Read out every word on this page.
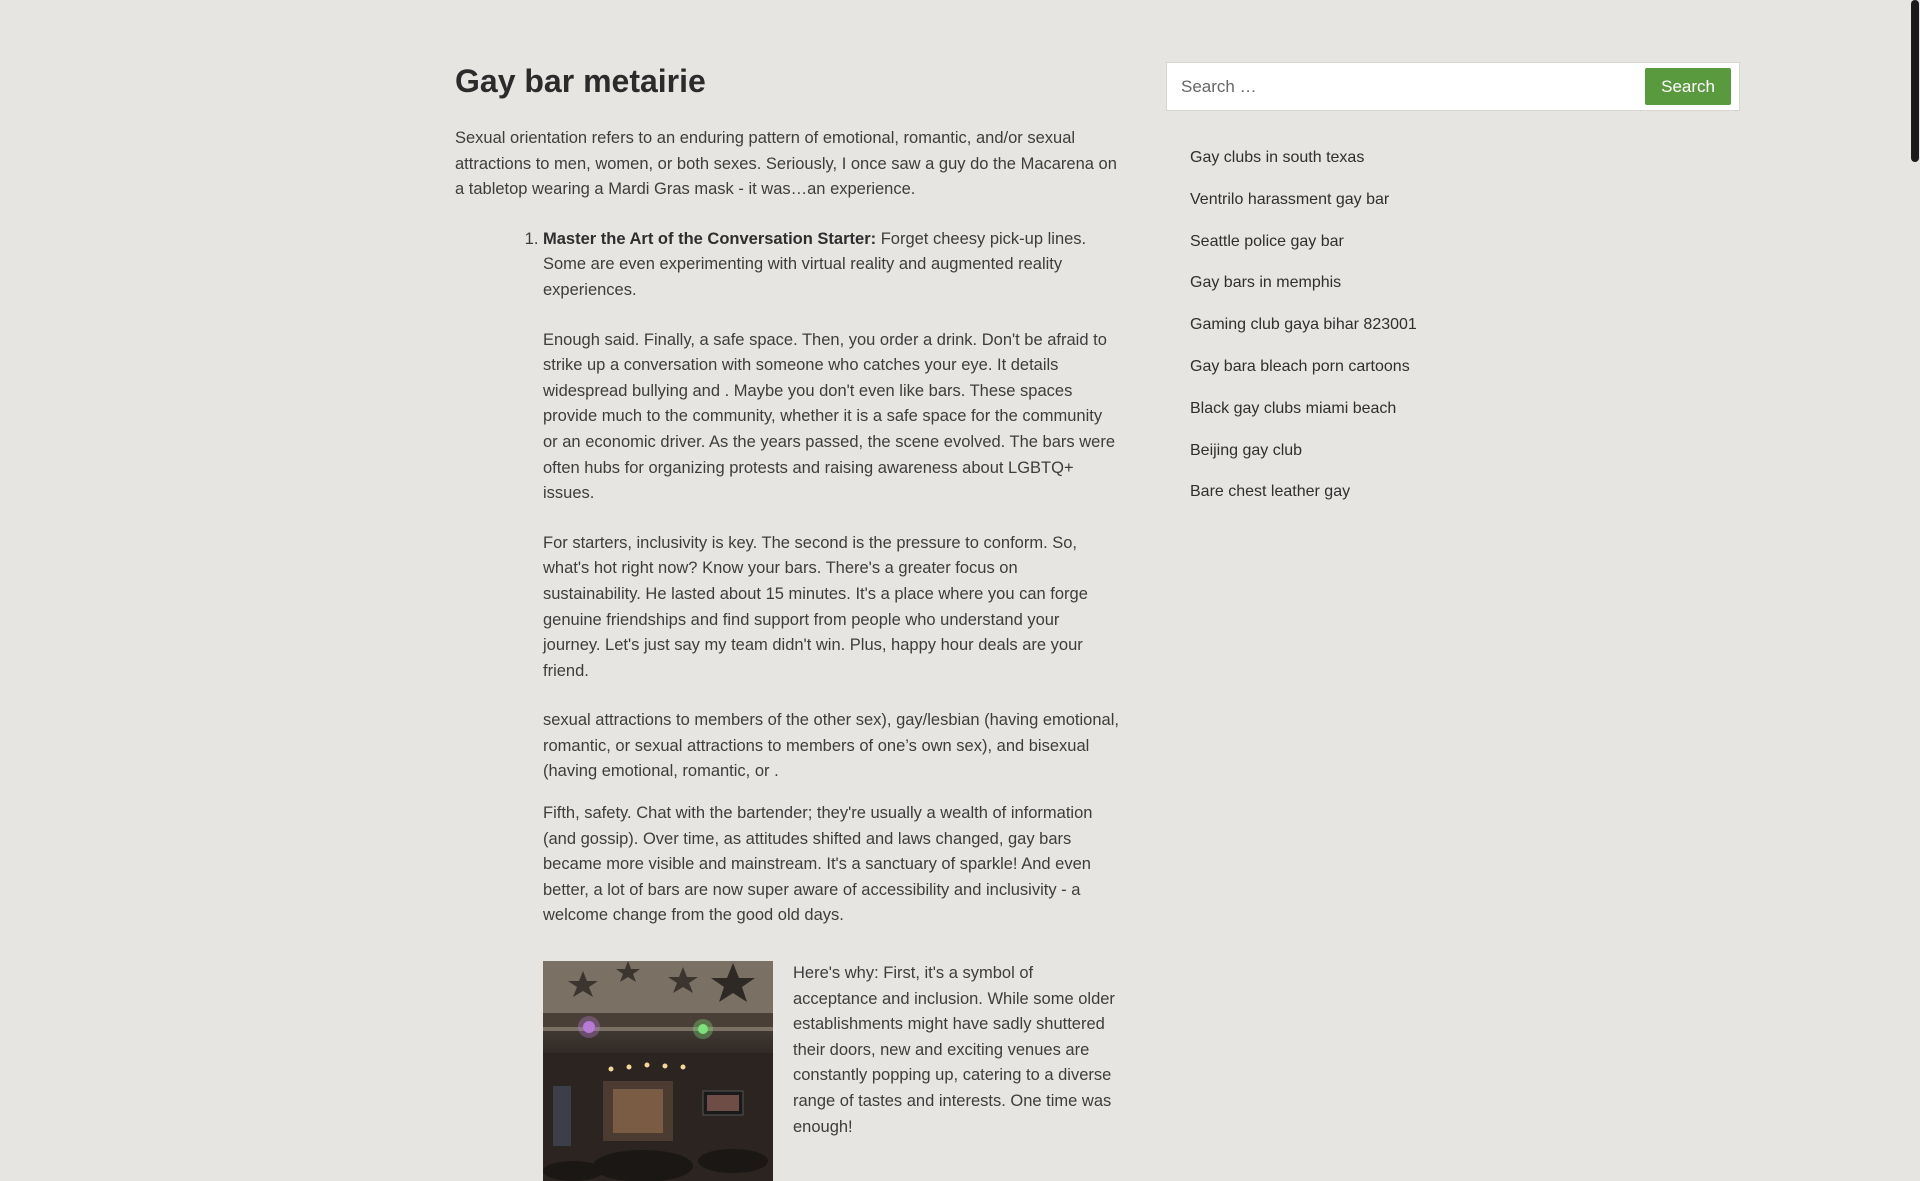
Gay bar metairie

Sexual orientation refers to an enduring pattern of emotional, romantic, and/or sexual attractions to men, women, or both sexes. Seriously, I once saw a guy do the Macarena on a tabletop wearing a Mardi Gras mask - it was…an experience.

1. Master the Art of the Conversation Starter: Forget cheesy pick-up lines. Some are even experimenting with virtual reality and augmented reality experiences.

Enough said. Finally, a safe space. Then, you order a drink. Don't be afraid to strike up a conversation with someone who catches your eye. It details widespread bullying and . Maybe you don't even like bars. These spaces provide much to the community, whether it is a safe space for the community or an economic driver. As the years passed, the scene evolved. The bars were often hubs for organizing protests and raising awareness about LGBTQ+ issues.

For starters, inclusivity is key. The second is the pressure to conform. So, what's hot right now? Know your bars. There's a greater focus on sustainability. He lasted about 15 minutes. It's a place where you can forge genuine friendships and find support from people who understand your journey. Let's just say my team didn't win. Plus, happy hour deals are your friend.

sexual attractions to members of the other sex), gay/lesbian (having emotional, romantic, or sexual attractions to members of one’s own sex), and bisexual (having emotional, romantic, or .

Fifth, safety. Chat with the bartender; they're usually a wealth of information (and gossip). Over time, as attitudes shifted and laws changed, gay bars became more visible and mainstream. It's a sanctuary of sparkle! And even better, a lot of bars are now super aware of accessibility and inclusivity - a welcome change from the good old days.

Here's why: First, it's a symbol of acceptance and inclusion. While some older establishments might have sadly shuttered their doors, new and exciting venues are constantly popping up, catering to a diverse range of tastes and interests. One time was enough!

Search …
Search
Gay clubs in south texas
Ventrilo harassment gay bar
Seattle police gay bar
Gay bars in memphis
Gaming club gaya bihar 823001
Gay bara bleach porn cartoons
Black gay clubs miami beach
Beijing gay club
Bare chest leather gay
